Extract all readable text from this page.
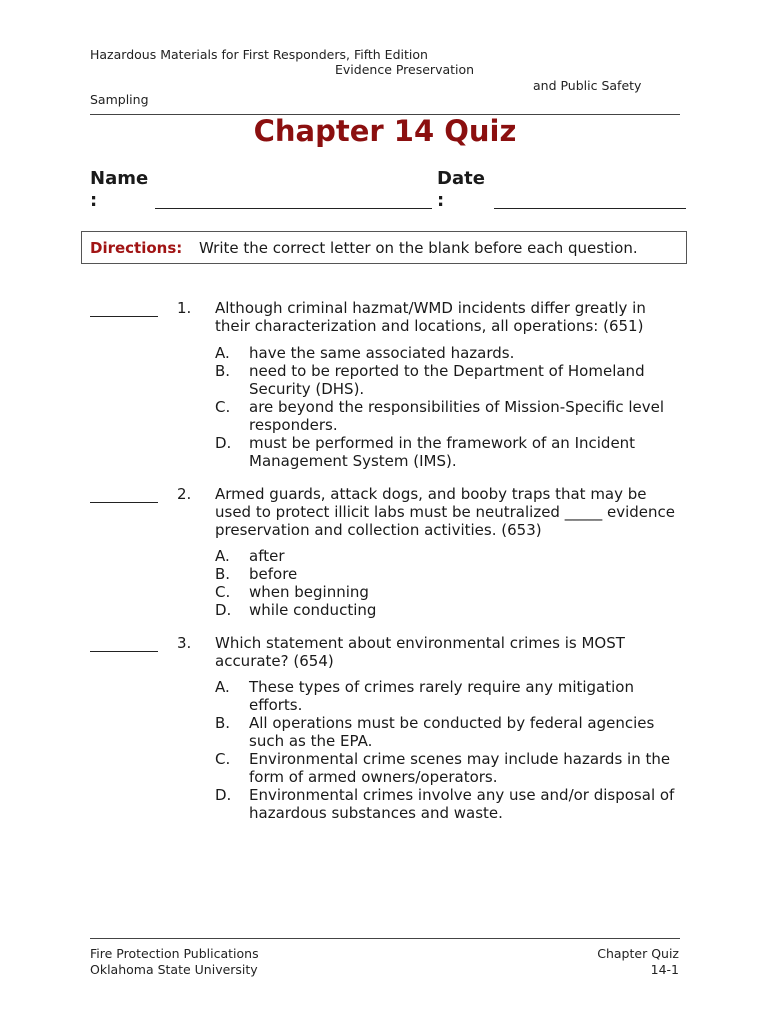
Hazardous Materials for First Responders, Fifth Edition
Evidence Preservation
and Public Safety
Sampling
Chapter 14 Quiz
Name
:
Date
:
Directions: Write the correct letter on the blank before each question.
1. Although criminal hazmat/WMD incidents differ greatly in
their characterization and locations, all operations: (651)
A. have the same associated hazards.
B. need to be reported to the Department of Homeland Security (DHS).
C. are beyond the responsibilities of Mission-Specific level responders.
D. must be performed in the framework of an Incident Management System (IMS).
2. Armed guards, attack dogs, and booby traps that may be
used to protect illicit labs must be neutralized _____ evidence
preservation and collection activities. (653)
A. after
B. before
C. when beginning
D. while conducting
3. Which statement about environmental crimes is MOST
accurate? (654)
A. These types of crimes rarely require any mitigation efforts.
B. All operations must be conducted by federal agencies such as the EPA.
C. Environmental crime scenes may include hazards in the form of armed owners/operators.
D. Environmental crimes involve any use and/or disposal of hazardous substances and waste.
Fire Protection Publications
Oklahoma State University
Chapter Quiz
14-1
